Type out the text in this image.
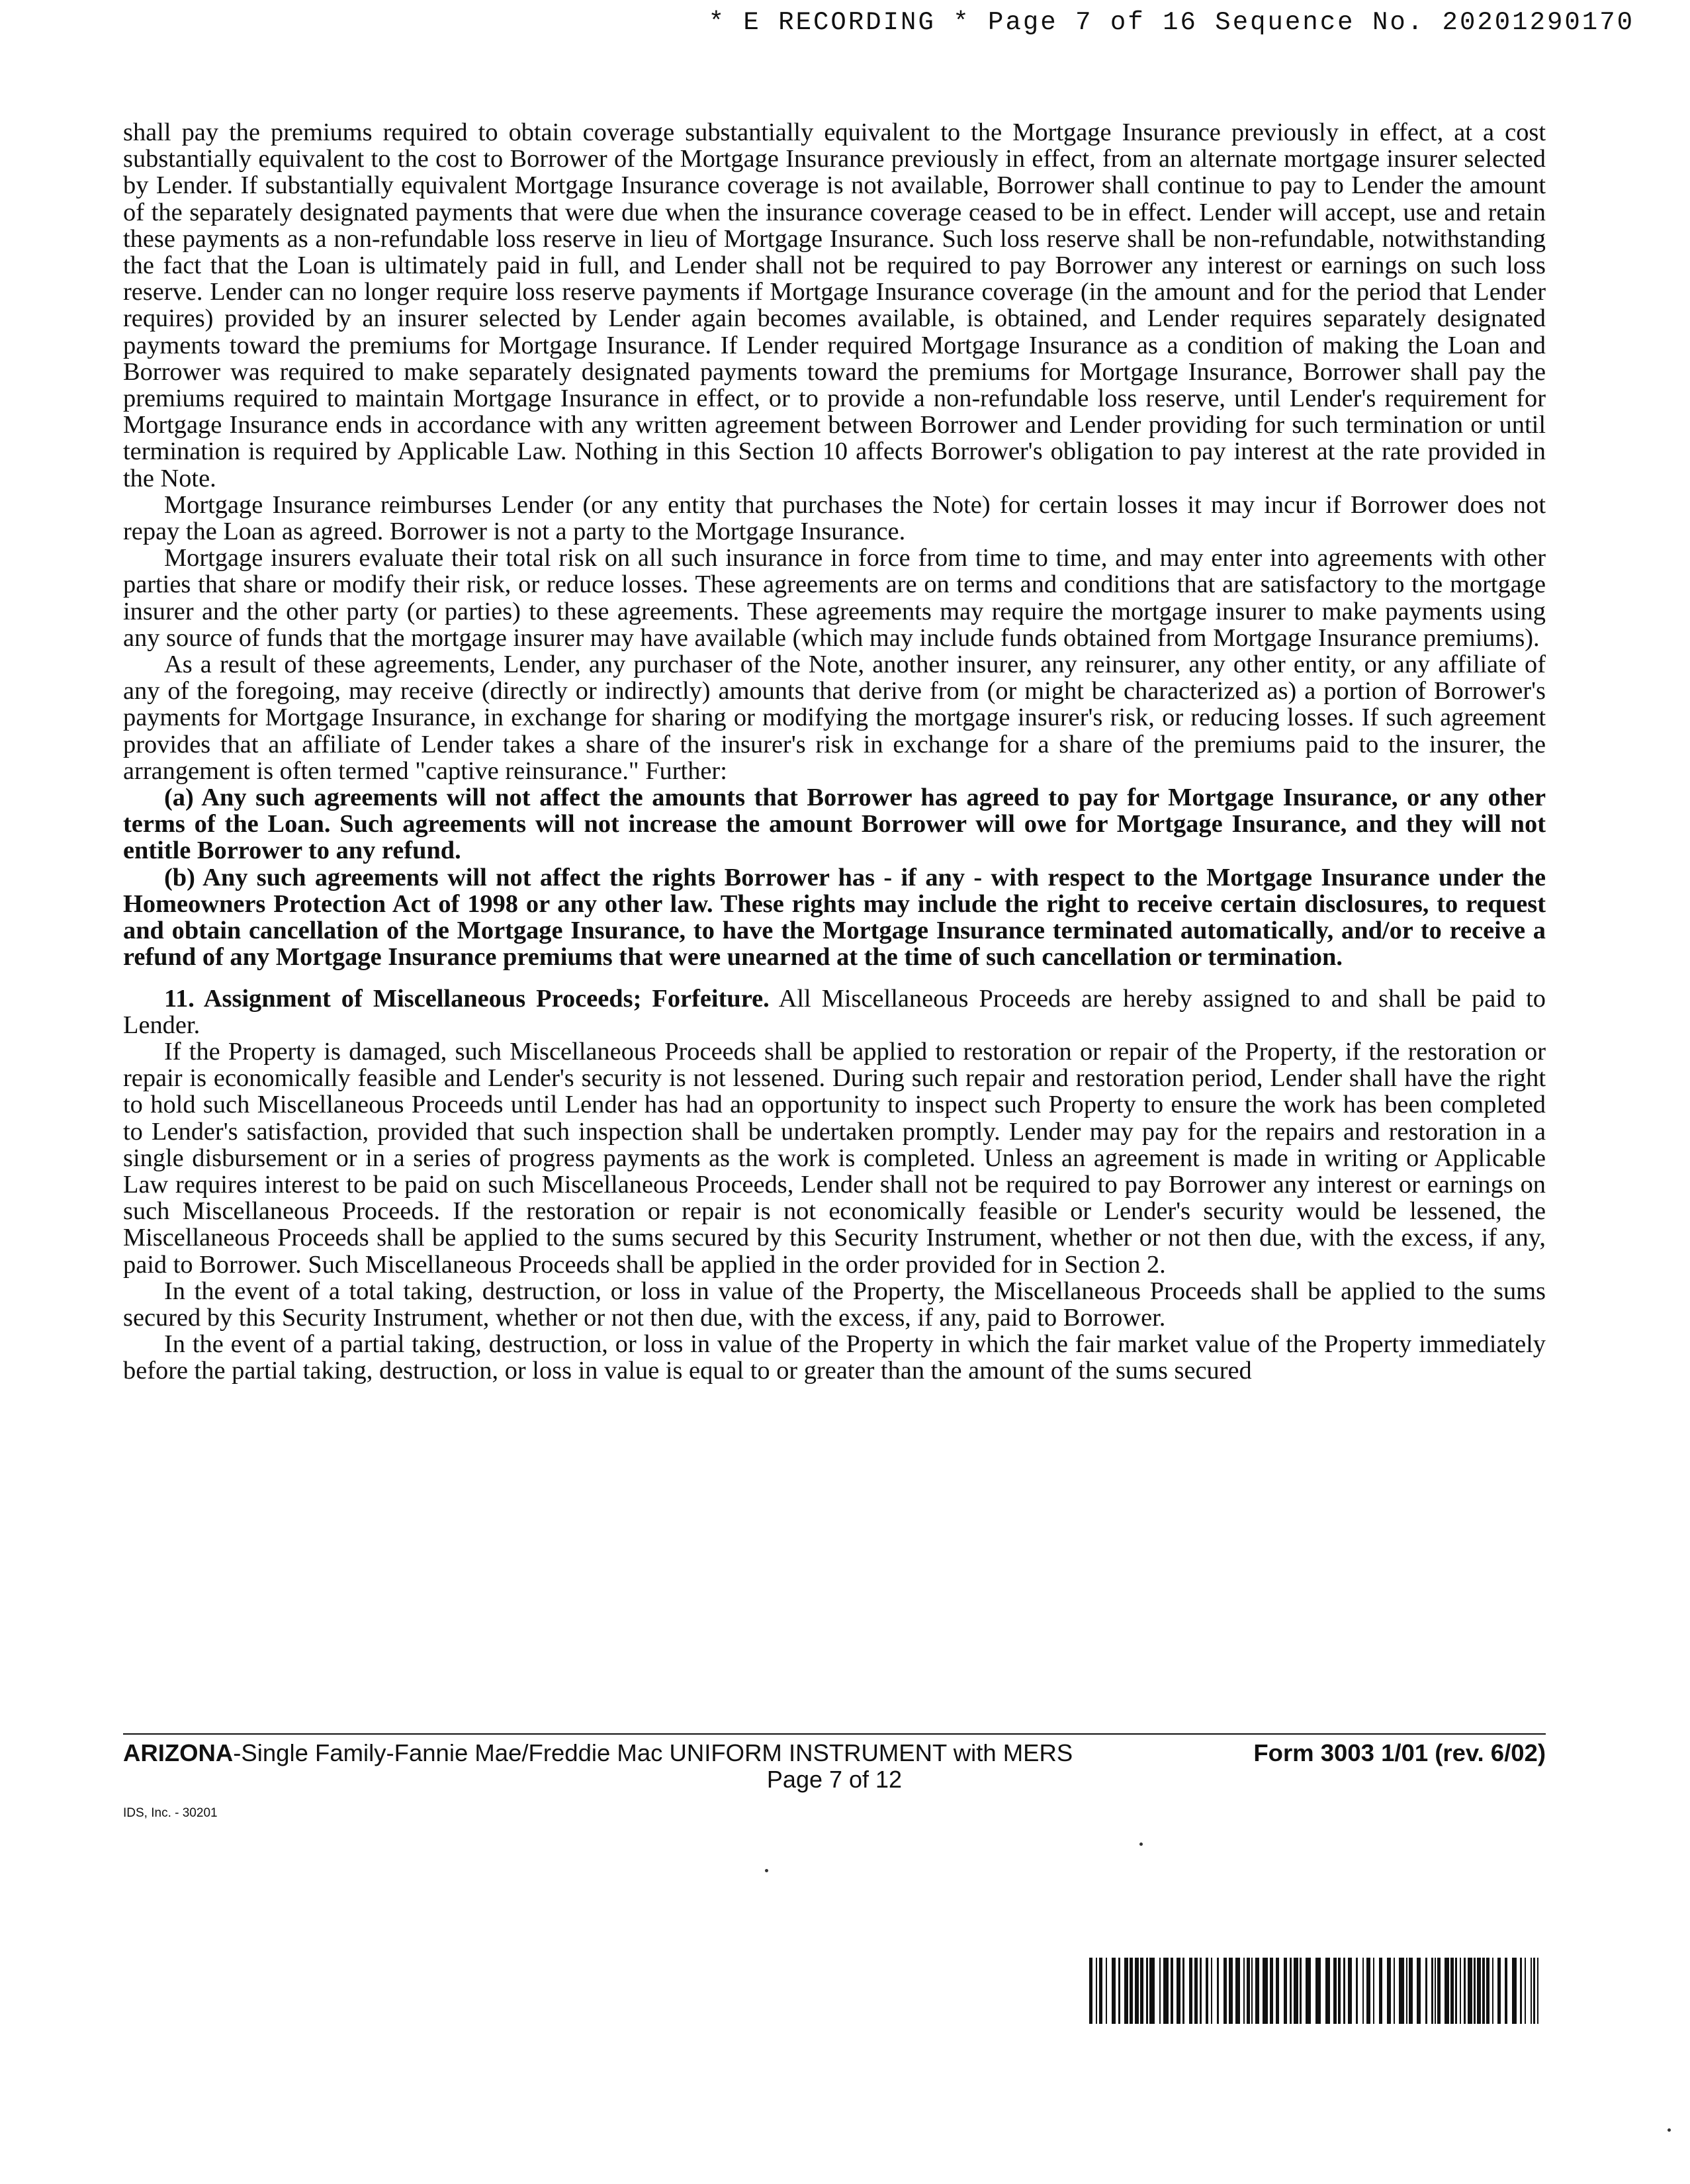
* E RECORDING * Page 7 of 16 Sequence No. 20201290170

shall pay the premiums required to obtain coverage substantially equivalent to the Mortgage Insurance previously in effect, at a cost substantially equivalent to the cost to Borrower of the Mortgage Insurance previously in effect, from an alternate mortgage insurer selected by Lender. If substantially equivalent Mortgage Insurance coverage is not available, Borrower shall continue to pay to Lender the amount of the separately designated payments that were due when the insurance coverage ceased to be in effect. Lender will accept, use and retain these payments as a non-refundable loss reserve in lieu of Mortgage Insurance. Such loss reserve shall be non-refundable, notwithstanding the fact that the Loan is ultimately paid in full, and Lender shall not be required to pay Borrower any interest or earnings on such loss reserve. Lender can no longer require loss reserve payments if Mortgage Insurance coverage (in the amount and for the period that Lender requires) provided by an insurer selected by Lender again becomes available, is obtained, and Lender requires separately designated payments toward the premiums for Mortgage Insurance. If Lender required Mortgage Insurance as a condition of making the Loan and Borrower was required to make separately designated payments toward the premiums for Mortgage Insurance, Borrower shall pay the premiums required to maintain Mortgage Insurance in effect, or to provide a non-refundable loss reserve, until Lender's requirement for Mortgage Insurance ends in accordance with any written agreement between Borrower and Lender providing for such termination or until termination is required by Applicable Law. Nothing in this Section 10 affects Borrower's obligation to pay interest at the rate provided in the Note.

Mortgage Insurance reimburses Lender (or any entity that purchases the Note) for certain losses it may incur if Borrower does not repay the Loan as agreed. Borrower is not a party to the Mortgage Insurance.

Mortgage insurers evaluate their total risk on all such insurance in force from time to time, and may enter into agreements with other parties that share or modify their risk, or reduce losses. These agreements are on terms and conditions that are satisfactory to the mortgage insurer and the other party (or parties) to these agreements. These agreements may require the mortgage insurer to make payments using any source of funds that the mortgage insurer may have available (which may include funds obtained from Mortgage Insurance premiums).

As a result of these agreements, Lender, any purchaser of the Note, another insurer, any reinsurer, any other entity, or any affiliate of any of the foregoing, may receive (directly or indirectly) amounts that derive from (or might be characterized as) a portion of Borrower's payments for Mortgage Insurance, in exchange for sharing or modifying the mortgage insurer's risk, or reducing losses. If such agreement provides that an affiliate of Lender takes a share of the insurer's risk in exchange for a share of the premiums paid to the insurer, the arrangement is often termed "captive reinsurance." Further:

(a) Any such agreements will not affect the amounts that Borrower has agreed to pay for Mortgage Insurance, or any other terms of the Loan. Such agreements will not increase the amount Borrower will owe for Mortgage Insurance, and they will not entitle Borrower to any refund.

(b) Any such agreements will not affect the rights Borrower has - if any - with respect to the Mortgage Insurance under the Homeowners Protection Act of 1998 or any other law. These rights may include the right to receive certain disclosures, to request and obtain cancellation of the Mortgage Insurance, to have the Mortgage Insurance terminated automatically, and/or to receive a refund of any Mortgage Insurance premiums that were unearned at the time of such cancellation or termination.

11. Assignment of Miscellaneous Proceeds; Forfeiture. All Miscellaneous Proceeds are hereby assigned to and shall be paid to Lender.

If the Property is damaged, such Miscellaneous Proceeds shall be applied to restoration or repair of the Property, if the restoration or repair is economically feasible and Lender's security is not lessened. During such repair and restoration period, Lender shall have the right to hold such Miscellaneous Proceeds until Lender has had an opportunity to inspect such Property to ensure the work has been completed to Lender's satisfaction, provided that such inspection shall be undertaken promptly. Lender may pay for the repairs and restoration in a single disbursement or in a series of progress payments as the work is completed. Unless an agreement is made in writing or Applicable Law requires interest to be paid on such Miscellaneous Proceeds, Lender shall not be required to pay Borrower any interest or earnings on such Miscellaneous Proceeds. If the restoration or repair is not economically feasible or Lender's security would be lessened, the Miscellaneous Proceeds shall be applied to the sums secured by this Security Instrument, whether or not then due, with the excess, if any, paid to Borrower. Such Miscellaneous Proceeds shall be applied in the order provided for in Section 2.

In the event of a total taking, destruction, or loss in value of the Property, the Miscellaneous Proceeds shall be applied to the sums secured by this Security Instrument, whether or not then due, with the excess, if any, paid to Borrower.

In the event of a partial taking, destruction, or loss in value of the Property in which the fair market value of the Property immediately before the partial taking, destruction, or loss in value is equal to or greater than the amount of the sums secured

ARIZONA-Single Family-Fannie Mae/Freddie Mac UNIFORM INSTRUMENT with MERS	Form 3003 1/01 (rev. 6/02)
Page 7 of 12
IDS, Inc. - 30201
